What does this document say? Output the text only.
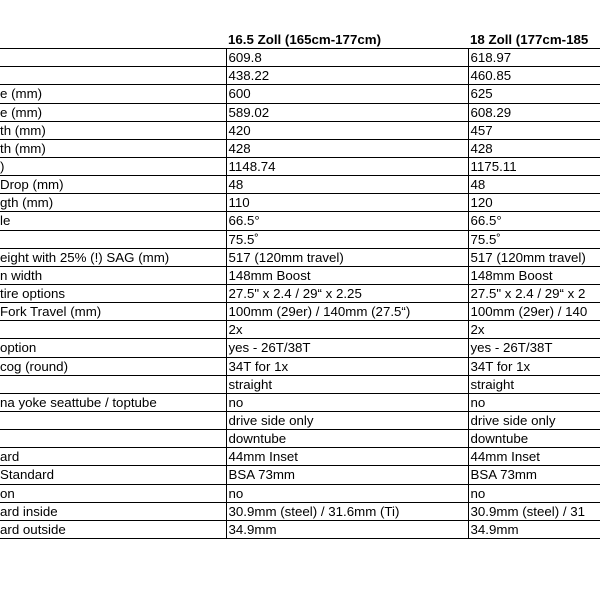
	16.5 Zoll (165cm-177cm)	18 Zoll (177cm-185
	609.8	618.97
	438.22	460.85
e (mm)	600	625
e (mm)	589.02	608.29
th (mm)	420	457
th (mm)	428	428
)	1148.74	1175.11
Drop (mm)	48	48
gth (mm)	110	120
le	66.5°	66.5°
	75.5˚	75.5˚
eight with 25% (!) SAG (mm)	517 (120mm travel)	517 (120mm travel)
n width	148mm Boost	148mm Boost
tire options	27.5" x 2.4 / 29“ x 2.25	27.5" x 2.4 / 29“ x 2
Fork Travel (mm)	100mm (29er) / 140mm (27.5“)	100mm (29er) / 140
	2x	2x
option	yes - 26T/38T	yes - 26T/38T
cog (round)	34T for 1x	34T for 1x
	straight	straight
na yoke seattube / toptube	no	no
	drive side only	drive side only
	downtube	downtube
ard	44mm Inset	44mm Inset
Standard	BSA 73mm	BSA 73mm
on	no	no
ard inside	30.9mm (steel) / 31.6mm (Ti)	30.9mm (steel) / 31
ard outside	34.9mm	34.9mm
